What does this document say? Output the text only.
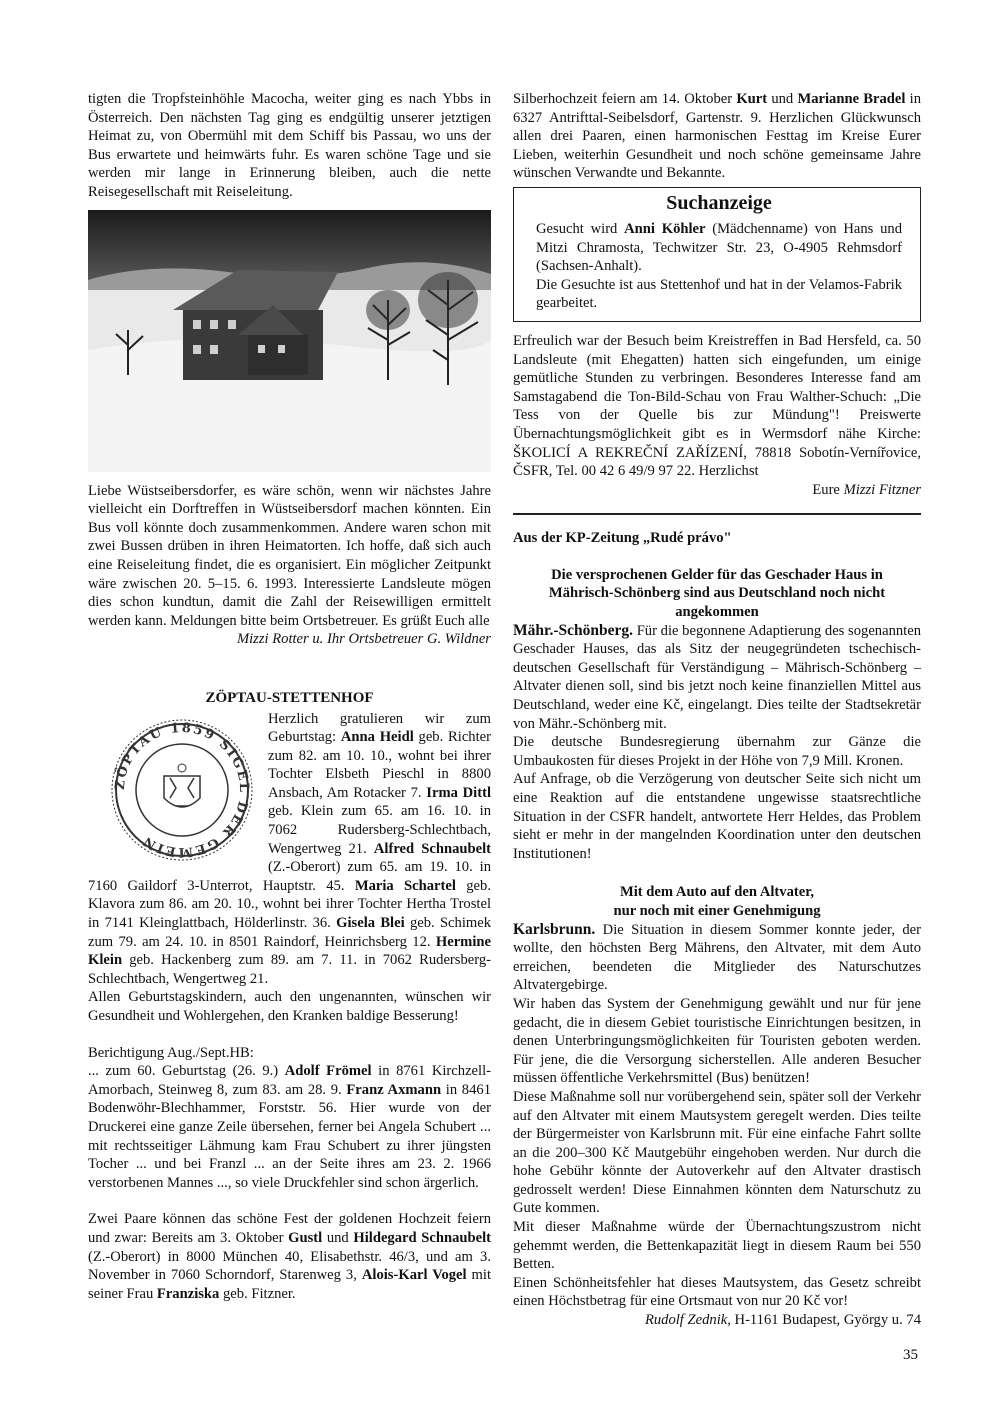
tigten die Tropfsteinhöhle Macocha, weiter ging es nach Ybbs in Österreich. Den nächsten Tag ging es endgültig unserer jetztigen Heimat zu, von Obermühl mit dem Schiff bis Passau, wo uns der Bus erwartete und heimwärts fuhr. Es waren schöne Tage und sie werden mir lange in Erinnerung bleiben, auch die nette Reisegesellschaft mit Reiseleitung.

Liebe Wüstseibersdorfer, es wäre schön, wenn wir nächstes Jahre vielleicht ein Dorftreffen in Wüstseibersdorf machen könnten. Ein Bus voll könnte doch zusammenkommen. Andere waren schon mit zwei Bussen drüben in ihren Heimatorten. Ich hoffe, daß sich auch eine Reiseleitung findet, die es organisiert. Ein möglicher Zeitpunkt wäre zwischen 20. 5–15. 6. 1993. Interessierte Landsleute mögen dies schon kundtun, damit die Zahl der Reisewilligen ermittelt werden kann. Meldungen bitte beim Ortsbetreuer. Es grüßt Euch alle

Mizzi Rotter u. Ihr Ortsbetreuer G. Wildner

ZÖPTAU-STETTENHOF
ZÖPTAU 1859 SIGEL DER GEMEIN

Herzlich gratulieren wir zum Geburtstag: Anna Heidl geb. Richter zum 82. am 10. 10., wohnt bei ihrer Tochter Elsbeth Pieschl in 8800 Ansbach, Am Rotacker 7. Irma Dittl geb. Klein zum 65. am 16. 10. in 7062 Rudersberg-Schlechtbach, Wengertweg 21. Alfred Schnaubelt (Z.-Oberort) zum 65. am 19. 10. in 7160 Gaildorf 3-Unterrot, Hauptstr. 45. Maria Schartel geb. Klavora zum 86. am 20. 10., wohnt bei ihrer Tochter Hertha Trostel in 7141 Kleinglattbach, Hölderlinstr. 36. Gisela Blei geb. Schimek zum 79. am 24. 10. in 8501 Raindorf, Heinrichsberg 12. Hermine Klein geb. Hackenberg zum 89. am 7. 11. in 7062 Rudersberg-Schlechtbach, Wengertweg 21.

Allen Geburtstagskindern, auch den ungenannten, wünschen wir Gesundheit und Wohlergehen, den Kranken baldige Besserung!

Berichtigung Aug./Sept.HB:

... zum 60. Geburtstag (26. 9.) Adolf Frömel in 8761 Kirchzell-Amorbach, Steinweg 8, zum 83. am 28. 9. Franz Axmann in 8461 Bodenwöhr-Blechhammer, Forststr. 56. Hier wurde von der Druckerei eine ganze Zeile übersehen, ferner bei Angela Schubert ... mit rechtsseitiger Lähmung kam Frau Schubert zu ihrer jüngsten Tocher ... und bei Franzl ... an der Seite ihres am 23. 2. 1966 verstorbenen Mannes ..., so viele Druckfehler sind schon ärgerlich.

Zwei Paare können das schöne Fest der goldenen Hochzeit feiern und zwar: Bereits am 3. Oktober Gustl und Hildegard Schnaubelt (Z.-Oberort) in 8000 München 40, Elisabethstr. 46/3, und am 3. November in 7060 Schorndorf, Starenweg 3, Alois-Karl Vogel mit seiner Frau Franziska geb. Fitzner.

Silberhochzeit feiern am 14. Oktober Kurt und Marianne Bradel in 6327 Antrifttal-Seibelsdorf, Gartenstr. 9. Herzlichen Glückwunsch allen drei Paaren, einen harmonischen Festtag im Kreise Eurer Lieben, weiterhin Gesundheit und noch schöne gemeinsame Jahre wünschen Verwandte und Bekannte.

Suchanzeige

Gesucht wird Anni Köhler (Mädchenname) von Hans und Mitzi Chramosta, Techwitzer Str. 23, O-4905 Rehmsdorf (Sachsen-Anhalt).

Die Gesuchte ist aus Stettenhof und hat in der Velamos-Fabrik gearbeitet.

Erfreulich war der Besuch beim Kreistreffen in Bad Hersfeld, ca. 50 Landsleute (mit Ehegatten) hatten sich eingefunden, um einige gemütliche Stunden zu verbringen. Besonderes Interesse fand am Samstagabend die Ton-Bild-Schau von Frau Walther-Schuch: „Die Tess von der Quelle bis zur Mündung"! Preiswerte Übernachtungsmöglichkeit gibt es in Wermsdorf nähe Kirche: ŠKOLICÍ A REKREČNÍ ZAŘÍZENÍ, 78818 Sobotín-Vernířovice, ČSFR, Tel. 00 42 6 49/9 97 22. Herzlichst

Eure Mizzi Fitzner

Aus der KP-Zeitung „Rudé právo"

Die versprochenen Gelder für das Geschader Haus in Mährisch-Schönberg sind aus Deutschland noch nicht angekommen

Mähr.-Schönberg. Für die begonnene Adaptierung des sogenannten Geschader Hauses, das als Sitz der neugegründeten tschechisch-deutschen Gesellschaft für Verständigung – Mährisch-Schönberg – Altvater dienen soll, sind bis jetzt noch keine finanziellen Mittel aus Deutschland, weder eine Kč, eingelangt. Dies teilte der Stadtsekretär von Mähr.-Schönberg mit.

Die deutsche Bundesregierung übernahm zur Gänze die Umbaukosten für dieses Projekt in der Höhe von 7,9 Mill. Kronen.

Auf Anfrage, ob die Verzögerung von deutscher Seite sich nicht um eine Reaktion auf die entstandene ungewisse staatsrechtliche Situation in der CSFR handelt, antwortete Herr Heldes, das Problem sieht er mehr in der mangelnden Koordination unter den deutschen Institutionen!

Mit dem Auto auf den Altvater,

nur noch mit einer Genehmigung

Karlsbrunn. Die Situation in diesem Sommer konnte jeder, der wollte, den höchsten Berg Mährens, den Altvater, mit dem Auto erreichen, beendeten die Mitglieder des Naturschutzes Altvatergebirge.

Wir haben das System der Genehmigung gewählt und nur für jene gedacht, die in diesem Gebiet touristische Einrichtungen besitzen, in denen Unterbringungsmöglichkeiten für Touristen geboten werden. Für jene, die die Versorgung sicherstellen. Alle anderen Besucher müssen öffentliche Verkehrsmittel (Bus) benützen!

Diese Maßnahme soll nur vorübergehend sein, später soll der Verkehr auf den Altvater mit einem Mautsystem geregelt werden. Dies teilte der Bürgermeister von Karlsbrunn mit. Für eine einfache Fahrt sollte an die 200–300 Kč Mautgebühr eingehoben werden. Nur durch die hohe Gebühr könnte der Autoverkehr auf den Altvater drastisch gedrosselt werden! Diese Einnahmen könnten dem Naturschutz zu Gute kommen.

Mit dieser Maßnahme würde der Übernachtungszustrom nicht gehemmt werden, die Bettenkapazität liegt in diesem Raum bei 550 Betten.

Einen Schönheitsfehler hat dieses Mautsystem, das Gesetz schreibt einen Höchstbetrag für eine Ortsmaut von nur 20 Kč vor!

Rudolf Zednik, H-1161 Budapest, György u. 74

35
